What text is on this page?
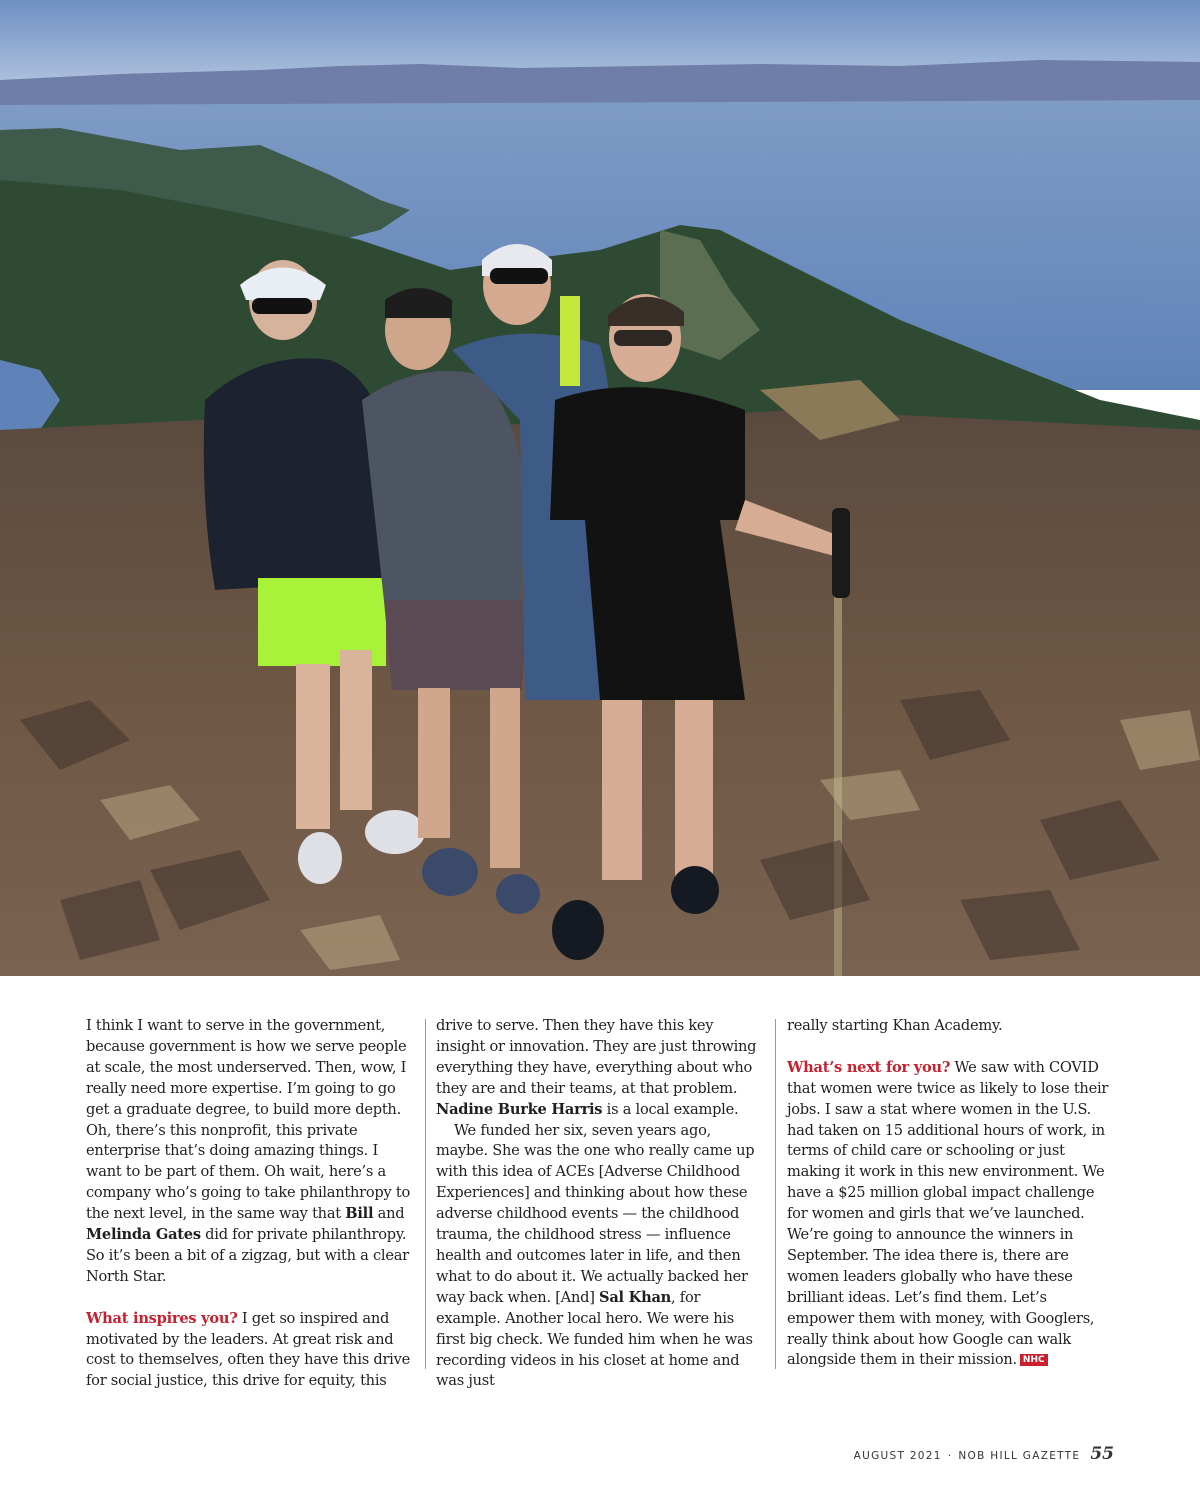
I think I want to serve in the government, because government is how we serve people at scale, the most underserved. Then, wow, I really need more expertise. I’m going to go get a graduate degree, to build more depth. Oh, there’s this nonprofit, this private enterprise that’s doing amazing things. I want to be part of them. Oh wait, here’s a company who’s going to take philanthropy to the next level, in the same way that Bill and Melinda Gates did for private philanthropy. So it’s been a bit of a zigzag, but with a clear North Star.

What inspires you? I get so inspired and motivated by the leaders. At great risk and cost to themselves, often they have this drive for social justice, this drive for equity, this

drive to serve. Then they have this key insight or innovation. They are just throwing everything they have, everything about who they are and their teams, at that problem. Nadine Burke Harris is a local example.

We funded her six, seven years ago, maybe. She was the one who really came up with this idea of ACEs [Adverse Childhood Experiences] and thinking about how these adverse childhood events — the childhood trauma, the childhood stress — influence health and outcomes later in life, and then what to do about it. We actually backed her way back when. [And] Sal Khan, for example. Another local hero. We were his first big check. We funded him when he was recording videos in his closet at home and was just

really starting Khan Academy.

What’s next for you? We saw with COVID that women were twice as likely to lose their jobs. I saw a stat where women in the U.S. had taken on 15 additional hours of work, in terms of child care or schooling or just making it work in this new environment. We have a $25 million global impact challenge for women and girls that we’ve launched. We’re going to announce the winners in September. The idea there is, there are women leaders globally who have these brilliant ideas. Let’s find them. Let’s empower them with money, with Googlers, really think about how Google can walk alongside them in their mission. NHC

AUGUST 2021 · NOB HILL GAZETTE 55
